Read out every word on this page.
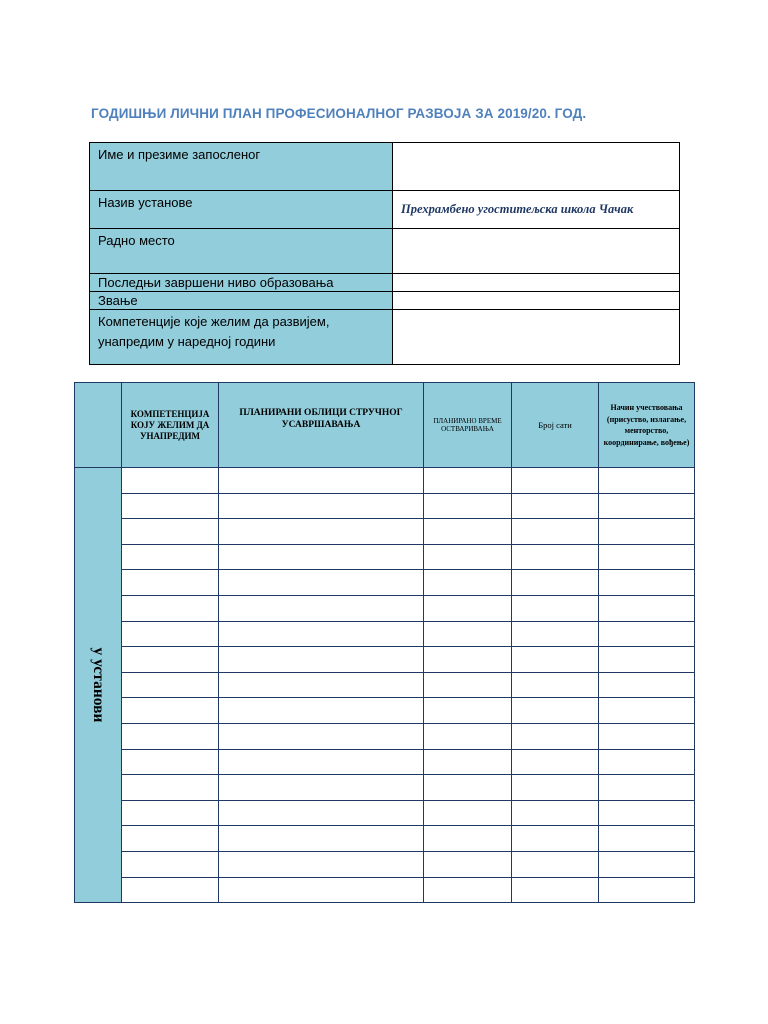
ГОДИШЊИ ЛИЧНИ ПЛАН ПРОФЕСИОНАЛНОГ РАЗВОЈА ЗА 2019/20. ГОД.
Име и презиме запосленог	
Назив установе	Прехрамбено угоститељска школа Чачак
Радно место	
Последњи завршени ниво образовања	
Звање	
Компетенције које желим да развијем, унапредим у наредној години	
	КОМПЕТЕНЦИЈА КОЈУ ЖЕЛИМ ДА УНАПРЕДИМ	ПЛАНИРАНИ ОБЛИЦИ СТРУЧНОГ УСАВРШАВАЊА	ПЛАНИРАНО ВРЕМЕ ОСТВАРИВАЊА	Број сати	Начин учествовања (присуство, излагање, менторство, координирање, вођење)

у установи					
